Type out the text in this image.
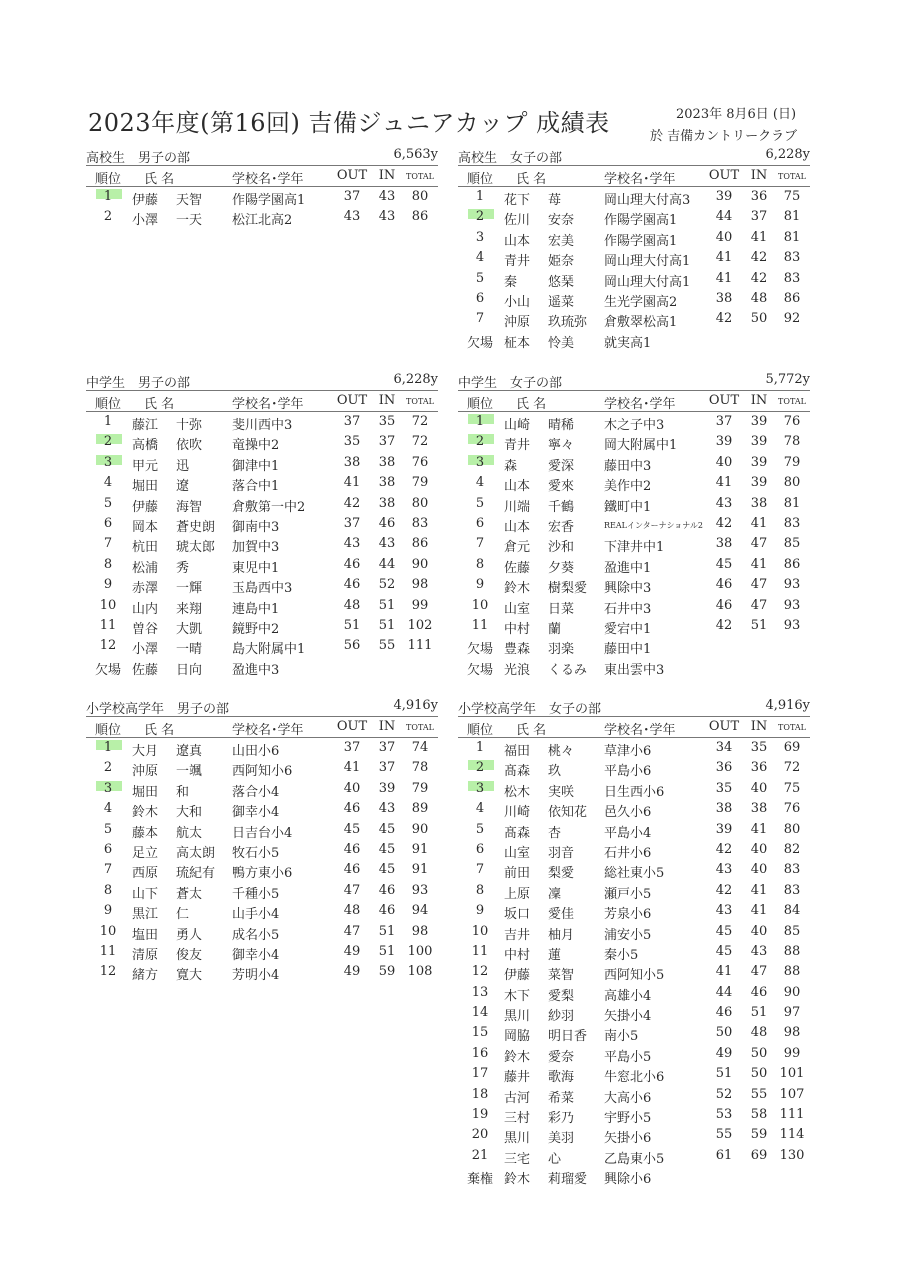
2023年度(第16回) 吉備ジュニアカップ 成績表	2023年 8月6日 (日)
於 吉備カントリークラブ
高校生　男子の部	6,563y
順位	氏 名	学校名･学年	OUT IN	TOTAL
1	伊藤 天智 作陽学園高1	37	43	80
2	小澤 一天 松江北高2	43	43	86
高校生　女子の部	6,228y
順位	氏 名	学校名･学年	OUT IN	TOTAL
1	花下 苺	岡山理大付高3	39	36	75
2	佐川 安奈 作陽学園高1	44	37	81
3	山本 宏美 作陽学園高1	40	41	81
4	青井 姫奈 岡山理大付高1	41	42	83
5	秦 悠琹 岡山理大付高1	41	42	83
6	小山 遥菜 生光学園高2	38	48	86
7	沖原 玖琉弥 倉敷翠松高1	42	50	92
欠場 柾本 怜美 就実高1
中学生　男子の部	6,228y
順位	氏 名	学校名･学年	OUT IN	TOTAL
1	藤江 十弥 斐川西中3	37	35	72
2	高橋 依吹 竜操中2	35	37	72
3	甲元 迅	御津中1	38	38	76
4	堀田 遼	落合中1	41	38	79
5	伊藤 海智 倉敷第一中2	42	38	80
6	岡本 蒼史朗 御南中3	37	46	83
7	杭田 琥太郎 加賀中3	43	43	86
8	松浦 秀	東児中1	46	44	90
9	赤澤 一輝 玉島西中3	46	52	98
10	山内 来翔 連島中1	48	51	99
11	曽谷 大凱 鏡野中2	51	51 102
12	小澤 一晴 島大附属中1	56	55 111
欠場 佐藤 日向 盈進中3
中学生　女子の部	5,772y
順位	氏 名	学校名･学年	OUT IN	TOTAL
1	山崎 晴稀 木之子中3	37	39	76
2	青井 寧々 岡大附属中1	39	39	78
3	森 愛深 藤田中3	40	39	79
4	山本 愛來 美作中2	41	39	80
5	川端 千鶴 鐵町中1	43	38	81
6	山本 宏香	REALインターナショナル2 42	41	83
7	倉元 沙和 下津井中1	38	47	85
8	佐藤 夕葵 盈進中1	45	41	86
9	鈴木 樹梨愛 興除中3	46	47	93
10	山室 日菜 石井中3	46	47	93
11	中村 蘭	愛宕中1	42	51	93
欠場 豊森 羽楽 藤田中1
欠場 光浪 くるみ 東出雲中3
小学校高学年　男子の部	4,916y
順位	氏 名	学校名･学年	OUT IN	TOTAL
1	大月 遼真 山田小6	37	37	74
2	沖原 一颯 西阿知小6	41	37	78
3	堀田 和	落合小4	40	39	79
4	鈴木 大和 御幸小4	46	43	89
5	藤本 航太 日吉台小4	45	45	90
6	足立 高太朗 牧石小5	46	45	91
7	西原 琉紀有 鴨方東小6	46	45	91
8	山下 蒼太 千種小5	47	46	93
9	黒江 仁	山手小4	48	46	94
10	塩田 勇人 成名小5	47	51	98
11	清原 俊友 御幸小4	49	51 100
12	緒方 寛大 芳明小4	49	59 108
小学校高学年　女子の部	4,916y
順位	氏 名	学校名･学年	OUT IN	TOTAL
1	福田 桃々 草津小6	34	35	69
2	髙森 玖	平島小6	36	36	72
3	松木 実咲 日生西小6	35	40	75
4	川崎 依知花 邑久小6	38	38	76
5	髙森 杏	平島小4	39	41	80
6	山室 羽音 石井小6	42	40	82
7	前田 梨愛 総社東小5	43	40	83
8	上原 凜	瀬戸小5	42	41	83
9	坂口 愛佳 芳泉小6	43	41	84
10	吉井 柚月 浦安小5	45	40	85
11	中村 蓮	秦小5	45	43	88
12	伊藤 菜智 西阿知小5	41	47	88
13	木下 愛梨 高雄小4	44	46	90
14	黒川 紗羽 矢掛小4	46	51	97
15	岡脇 明日香 南小5	50	48	98
16	鈴木 愛奈 平島小5	49	50	99
17	藤井 歌海 牛窓北小6	51	50 101
18	古河 希菜 大高小6	52	55 107
19	三村 彩乃 宇野小5	53	58 111
20	黒川 美羽 矢掛小6	55	59 114
21	三宅 心	乙島東小5	61	69 130
棄権 鈴木 莉瑠愛 興除小6
